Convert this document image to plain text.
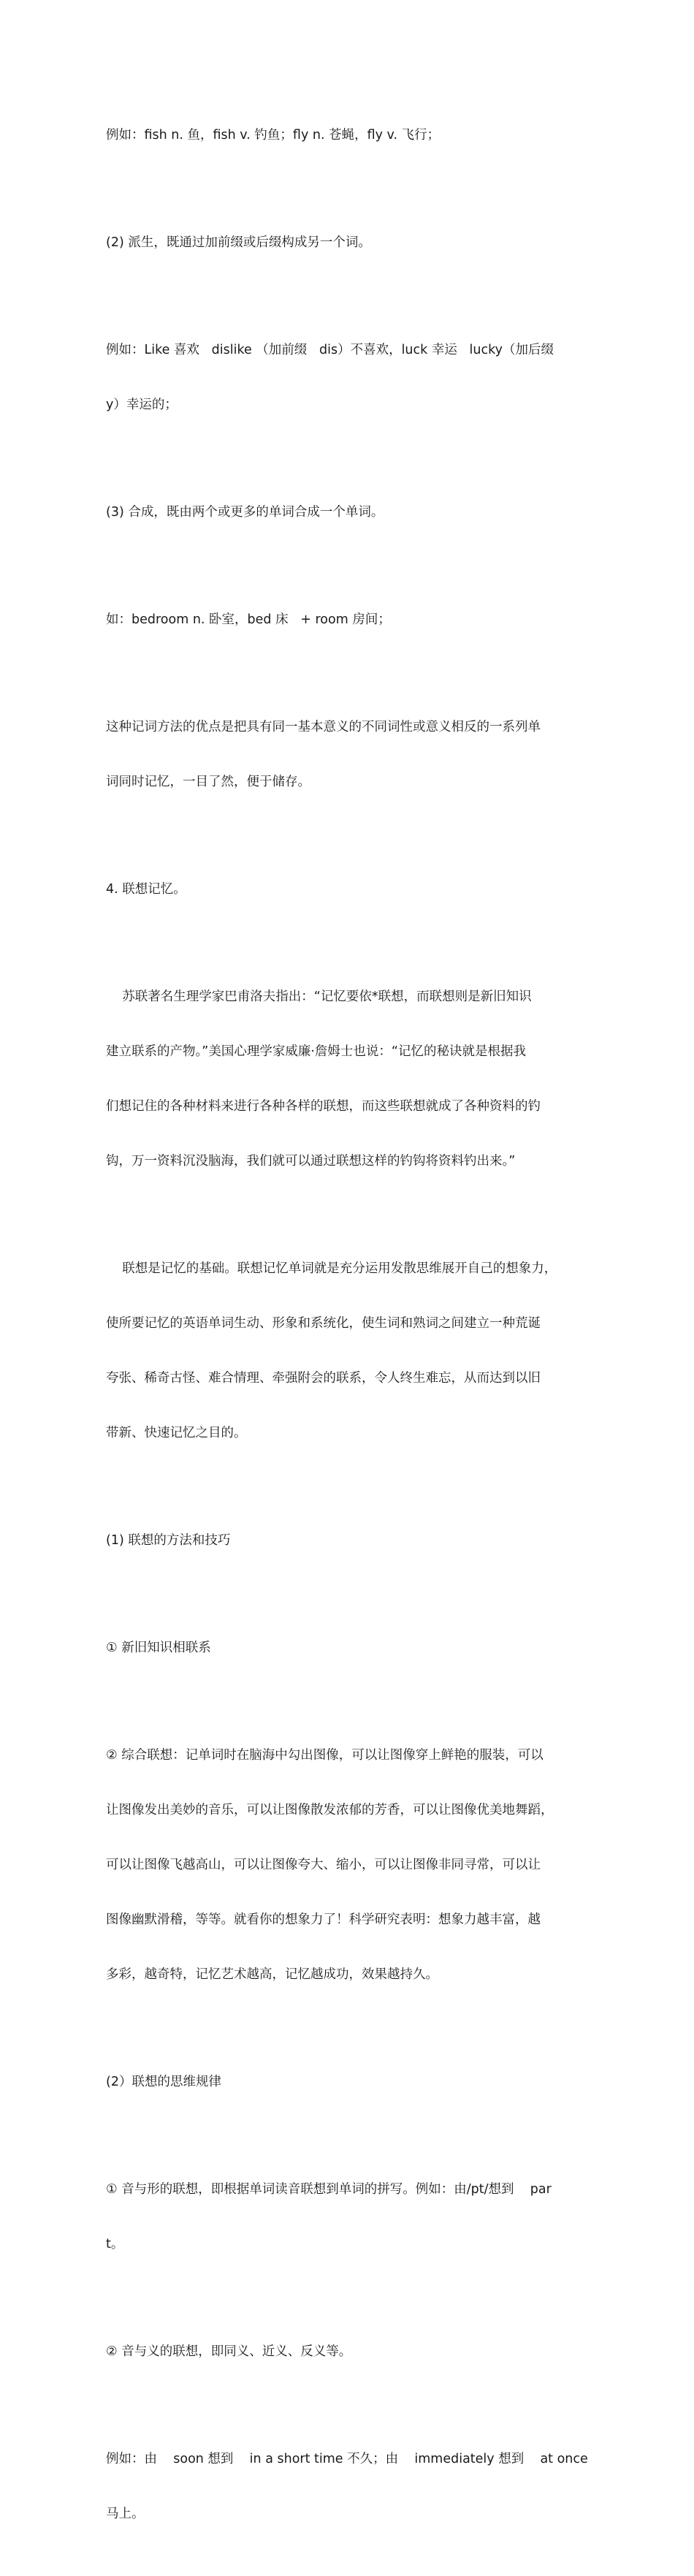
例如：fish n. 鱼，fish v. 钓鱼；fly n. 苍蝇，fly v. 飞行；

(2) 派生，既通过加前缀或后缀构成另一个词。

例如：Like 喜欢   dislike （加前缀   dis）不喜欢，luck 幸运   lucky（加后缀

y）幸运的；

(3) 合成，既由两个或更多的单词合成一个单词。

如：bedroom n. 卧室，bed 床   + room 房间；

这种记词方法的优点是把具有同一基本意义的不同词性或意义相反的一系列单

词同时记忆，一目了然，便于储存。

4. 联想记忆。

苏联著名生理学家巴甫洛夫指出：“记忆要依*联想，而联想则是新旧知识

建立联系的产物。”美国心理学家威廉·詹姆士也说：“记忆的秘诀就是根据我

们想记住的各种材料来进行各种各样的联想，而这些联想就成了各种资料的钓

钩，万一资料沉没脑海，我们就可以通过联想这样的钓钩将资料钓出来。”

联想是记忆的基础。联想记忆单词就是充分运用发散思维展开自己的想象力，

使所要记忆的英语单词生动、形象和系统化，使生词和熟词之间建立一种荒诞

夸张、稀奇古怪、难合情理、牵强附会的联系，令人终生难忘，从而达到以旧

带新、快速记忆之目的。

(1) 联想的方法和技巧

① 新旧知识相联系

② 综合联想：记单词时在脑海中勾出图像，可以让图像穿上鲜艳的服装，可以

让图像发出美妙的音乐，可以让图像散发浓郁的芳香，可以让图像优美地舞蹈，

可以让图像飞越高山，可以让图像夸大、缩小，可以让图像非同寻常，可以让

图像幽默滑稽，等等。就看你的想象力了！科学研究表明：想象力越丰富，越

多彩，越奇特，记忆艺术越高，记忆越成功，效果越持久。

(2）联想的思维规律

① 音与形的联想，即根据单词读音联想到单词的拼写。例如：由/pt/想到    par

t。

② 音与义的联想，即同义、近义、反义等。

例如：由    soon 想到    in a short time 不久；由    immediately 想到    at once

马上。
